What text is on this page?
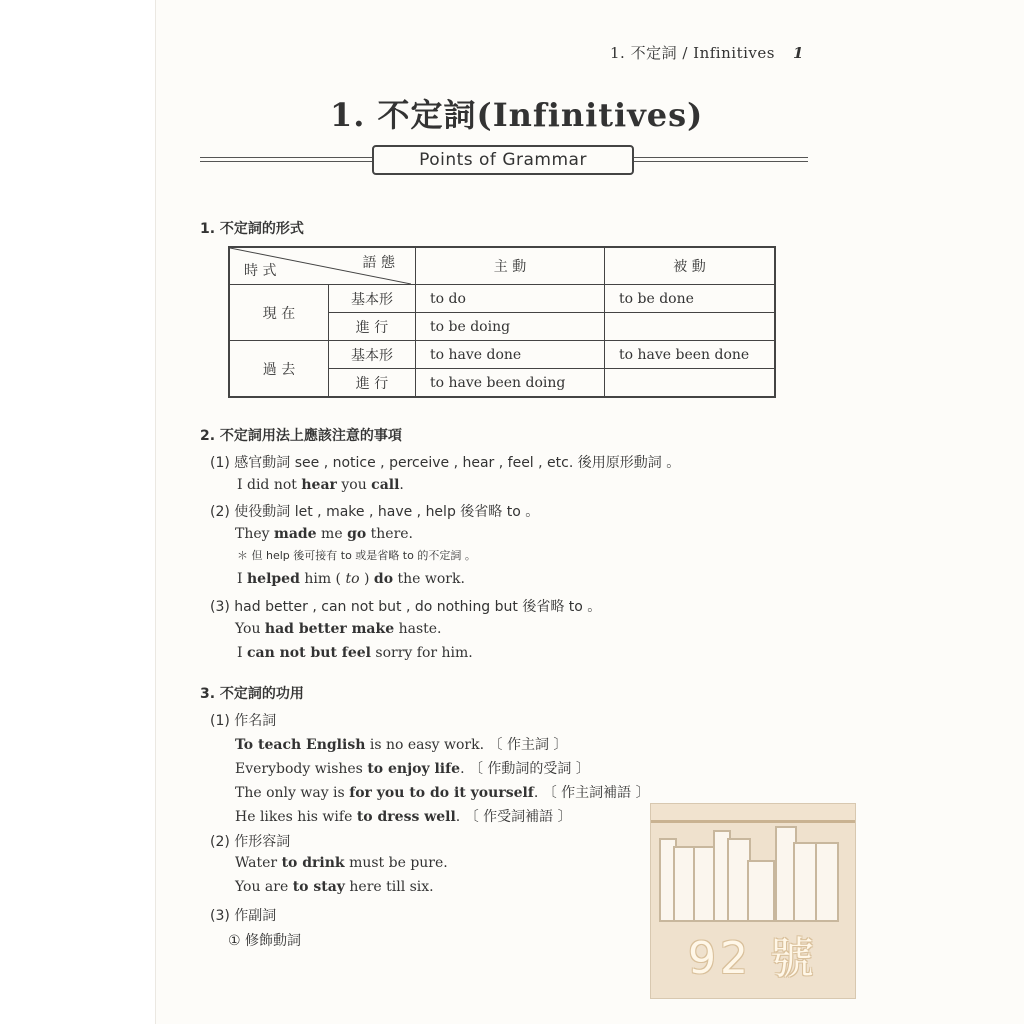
1. 不定詞 / Infinitives 1
1. 不定詞(Infinitives)
Points of Grammar
1. 不定詞的形式
語 態
時 式		主 動	被 動
現 在	基本形	to do	to be done
	進 行	to be doing	
過 去	基本形	to have done	to have been done
	進 行	to have been doing	
2. 不定詞用法上應該注意的事項
(1) 感官動詞 see , notice , perceive , hear , feel , etc. 後用原形動詞 。
I did not hear you call.
(2) 使役動詞 let , make , have , help 後省略 to 。
They made me go there.
＊ 但 help 後可接有 to 或是省略 to 的不定詞 。
I helped him ( to ) do the work.
(3) had better , can not but , do nothing but 後省略 to 。
You had better make haste.
I can not but feel sorry for him.
3. 不定詞的功用
(1) 作名詞
To teach English is no easy work. 〔 作主詞 〕
Everybody wishes to enjoy life. 〔 作動詞的受詞 〕
The only way is for you to do it yourself. 〔 作主詞補語 〕
He likes his wife to dress well. 〔 作受詞補語 〕
(2) 作形容詞
Water to drink must be pure.
You are to stay here till six.
(3) 作副詞
① 修飾動詞	92 號
